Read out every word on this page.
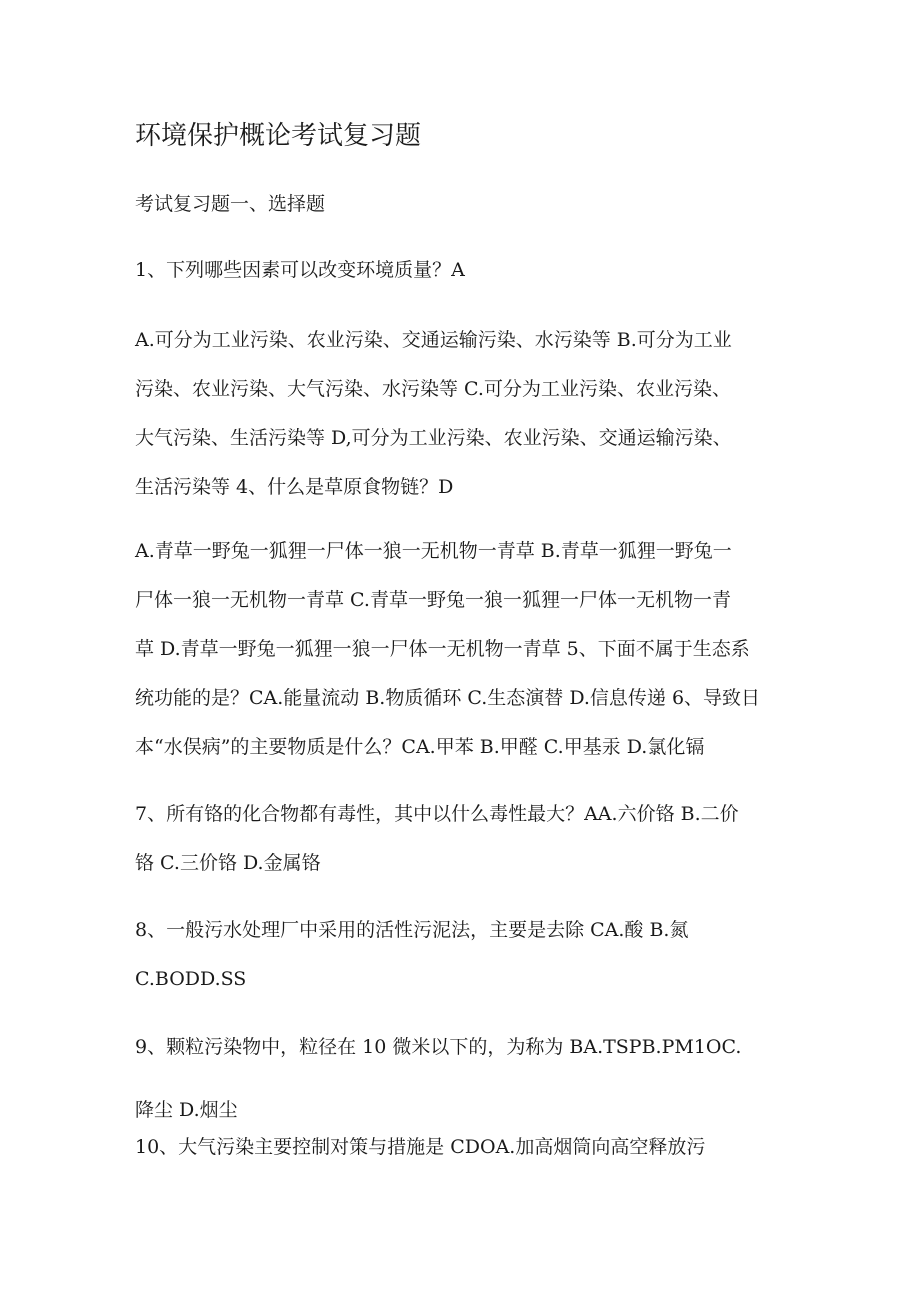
环境保护概论考试复习题
考试复习题一、选择题
1、下列哪些因素可以改变环境质量？A
A.可分为工业污染、农业污染、交通运输污染、水污染等 B.可分为工业
污染、农业污染、大气污染、水污染等 C.可分为工业污染、农业污染、
大气污染、生活污染等 D,可分为工业污染、农业污染、交通运输污染、
生活污染等 4、什么是草原食物链？D
A.青草一野兔一狐狸一尸体一狼一无机物一青草 B.青草一狐狸一野兔一
尸体一狼一无机物一青草 C.青草一野兔一狼一狐狸一尸体一无机物一青
草 D.青草一野兔一狐狸一狼一尸体一无机物一青草 5、下面不属于生态系
统功能的是？CA.能量流动 B.物质循环 C.生态演替 D.信息传递 6、导致日
本“水俣病”的主要物质是什么？CA.甲苯 B.甲醛 C.甲基汞 D.氯化镉
7、所有铬的化合物都有毒性，其中以什么毒性最大？AA.六价铬 B.二价
铬 C.三价铬 D.金属铬
8、一般污水处理厂中采用的活性污泥法，主要是去除 CA.酸 B.氮
C.BODD.SS
9、颗粒污染物中，粒径在 10 微米以下的，为称为 BA.TSPB.PM1OC.
降尘 D.烟尘
10、大气污染主要控制对策与措施是 CDOA.加高烟筒向高空释放污
